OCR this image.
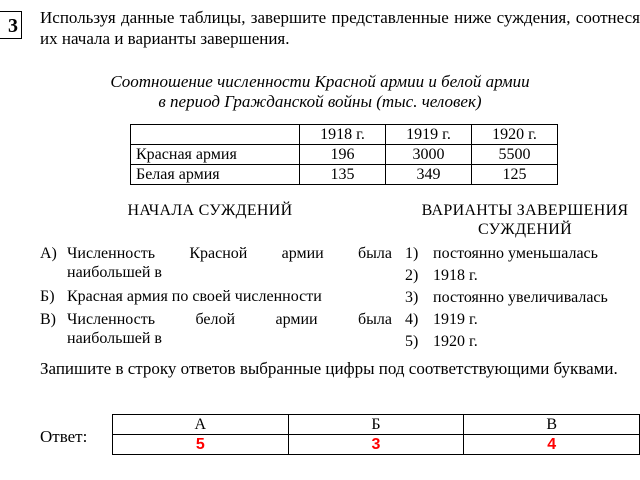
3 Используя данные таблицы, завершите представленные ниже суждения, соотнеся их начала и варианты завершения.
Соотношение численности Красной армии и белой армии
в период Гражданской войны (тыс. человек)
	1918 г.	1919 г.	1920 г.
Красная армия	196	3000	5500
Белая армия	135	349	125
НАЧАЛА СУЖДЕНИЙ	ВАРИАНТЫ ЗАВЕРШЕНИЯ
СУЖДЕНИЙ
А) Численность Красной армии была
наибольшей в
Б) Красная армия по своей численности
В) Численность белой армии была
наибольшей в
1) постоянно уменьшалась
2) 1918 г.
3) постоянно увеличивалась
4) 1919 г.
5) 1920 г.
Запишите в строку ответов выбранные цифры под соответствующими буквами.
Ответ:
А	Б	В
5	3	4
